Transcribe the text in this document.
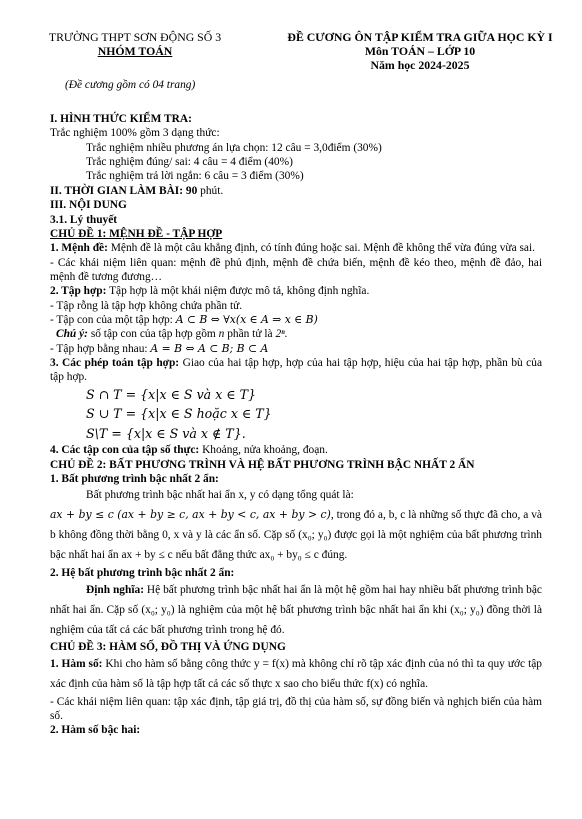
TRƯỜNG THPT SƠN ĐỘNG SỐ 3
NHÓM TOÁN
ĐỀ CƯƠNG ÔN TẬP KIỂM TRA GIỮA HỌC KỲ I
Môn TOÁN – LỚP 10
Năm học 2024-2025
(Đề cương gồm có 04 trang)

I. HÌNH THỨC KIỂM TRA:

Trắc nghiệm 100% gồm 3 dạng thức:

Trắc nghiệm nhiều phương án lựa chọn: 12 câu = 3,0điểm (30%)

Trắc nghiệm đúng/ sai: 4 câu = 4 điểm (40%)

Trắc nghiệm trả lời ngắn: 6 câu = 3 điểm (30%)

II. THỜI GIAN LÀM BÀI: 90 phút.

III. NỘI DUNG

3.1. Lý thuyết

CHỦ ĐỀ 1: MỆNH ĐỀ - TẬP HỢP

1. Mệnh đề: Mệnh đề là một câu khẳng định, có tính đúng hoặc sai. Mệnh đề không thể vừa đúng vừa sai.

- Các khái niệm liên quan: mệnh đề phủ định, mệnh đề chứa biến, mệnh đề kéo theo, mệnh đề đảo, hai mệnh đề tương đương…

2. Tập hợp: Tập hợp là một khái niệm được mô tả, không định nghĩa.

- Tập rỗng là tập hợp không chứa phần tử.

- Tập con của một tập hợp: A ⊂ B ⇔ ∀x(x ∈ A ⇒ x ∈ B)

Chú ý: số tập con của tập hợp gồm n phần tử là 2ⁿ.

- Tập hợp bằng nhau: A = B ⇔ A ⊂ B; B ⊂ A

3. Các phép toán tập hợp: Giao của hai tập hợp, hợp của hai tập hợp, hiệu của hai tập hợp, phần bù của tập hợp.

S ∩ T = {x|x ∈ S và x ∈ T}

S ∪ T = {x|x ∈ S hoặc x ∈ T}

S\T = {x|x ∈ S và x ∉ T}.

4. Các tập con của tập số thực: Khoảng, nửa khoảng, đoạn.

CHỦ ĐỀ 2: BẤT PHƯƠNG TRÌNH VÀ HỆ BẤT PHƯƠNG TRÌNH BẬC NHẤT 2 ẨN

1. Bất phương trình bậc nhất 2 ẩn:

Bất phương trình bậc nhất hai ẩn x, y có dạng tổng quát là:

ax + by ≤ c (ax + by ≥ c, ax + by < c, ax + by > c), trong đó a, b, c là những số thực đã cho, a và b không đồng thời bằng 0, x và y là các ẩn số. Cặp số (x₀; y₀) được gọi là một nghiệm của bất phương trình bậc nhất hai ẩn ax + by ≤ c nếu bất đẳng thức ax₀ + by₀ ≤ c đúng.

2. Hệ bất phương trình bậc nhất 2 ẩn:

Định nghĩa: Hệ bất phương trình bậc nhất hai ẩn là một hệ gồm hai hay nhiều bất phương trình bậc nhất hai ẩn. Cặp số (x₀; y₀) là nghiệm của một hệ bất phương trình bậc nhất hai ẩn khi (x₀; y₀) đồng thời là nghiệm của tất cả các bất phương trình trong hệ đó.

CHỦ ĐỀ 3: HÀM SỐ, ĐỒ THỊ VÀ ỨNG DỤNG

1. Hàm số: Khi cho hàm số bằng công thức y = f(x) mà không chỉ rõ tập xác định của nó thì ta quy ước tập xác định của hàm số là tập hợp tất cả các số thực x sao cho biểu thức f(x) có nghĩa.

- Các khái niệm liên quan: tập xác định, tập giá trị, đồ thị của hàm số, sự đồng biến và nghịch biến của hàm số.

2. Hàm số bậc hai:
